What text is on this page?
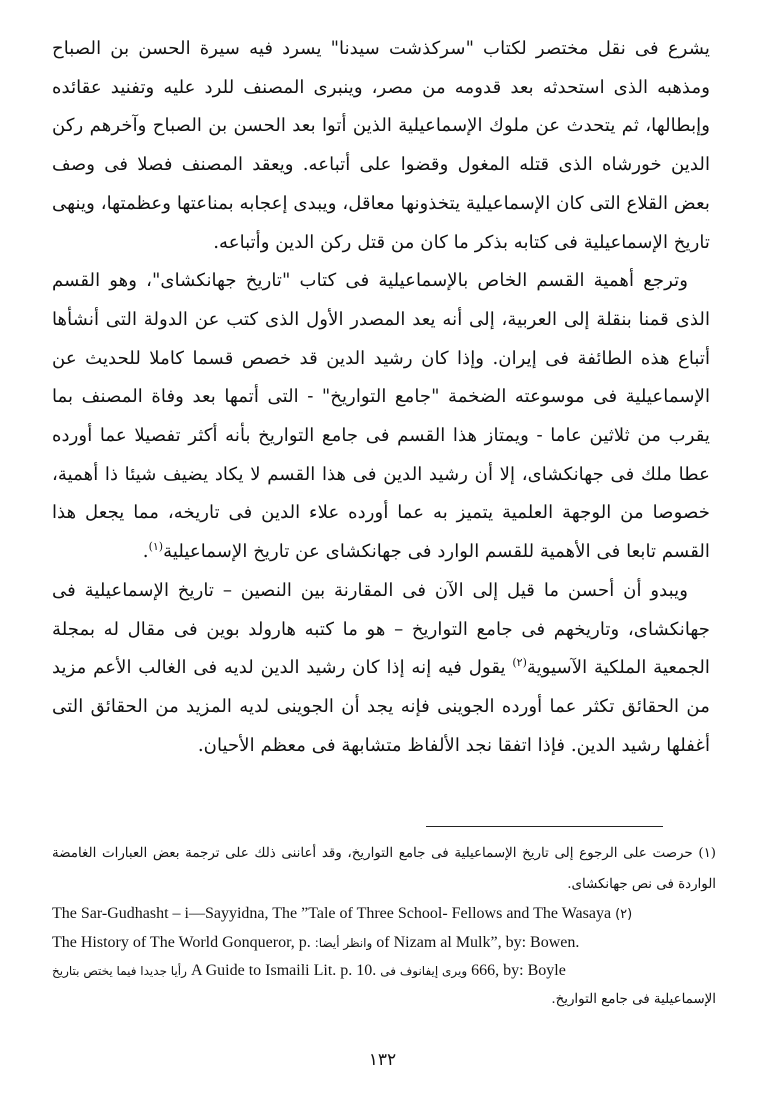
يشرع فى نقل مختصر لكتاب "سركذشت سيدنا" يسرد فيه سيرة الحسن بن الصباح ومذهبه الذى استحدثه بعد قدومه من مصر، وينبرى المصنف للرد عليه وتفنيد عقائده وإبطالها، ثم يتحدث عن ملوك الإسماعيلية الذين أتوا بعد الحسن بن الصباح وآخرهم ركن الدين خورشاه الذى قتله المغول وقضوا على أتباعه. ويعقد المصنف فصلا فى وصف بعض القلاع التى كان الإسماعيلية يتخذونها معاقل، ويبدى إعجابه بمناعتها وعظمتها، وينهى تاريخ الإسماعيلية فى كتابه بذكر ما كان من قتل ركن الدين وأتباعه.

وترجع أهمية القسم الخاص بالإسماعيلية فى كتاب "تاريخ جهانكشاى"، وهو القسم الذى قمنا بنقلة إلى العربية، إلى أنه يعد المصدر الأول الذى كتب عن الدولة التى أنشأها أتباع هذه الطائفة فى إيران. وإذا كان رشيد الدين قد خصص قسما كاملا للحديث عن الإسماعيلية فى موسوعته الضخمة "جامع التواريخ" - التى أتمها بعد وفاة المصنف بما يقرب من ثلاثين عاما - ويمتاز هذا القسم فى جامع التواريخ بأنه أكثر تفصيلا عما أورده عطا ملك فى جهانكشاى، إلا أن رشيد الدين فى هذا القسم لا يكاد يضيف شيئا ذا أهمية، خصوصا من الوجهة العلمية يتميز به عما أورده علاء الدين فى تاريخه، مما يجعل هذا القسم تابعا فى الأهمية للقسم الوارد فى جهانكشاى عن تاريخ الإسماعيلية$^{(١)}$.

ويبدو أن أحسن ما قيل إلى الآن فى المقارنة بين النصين – تاريخ الإسماعيلية فى جهانكشاى، وتاريخهم فى جامع التواريخ – هو ما كتبه هارولد بوين فى مقال له بمجلة الجمعية الملكية الآسيوية$^{(٢)}$ يقول فيه إنه إذا كان رشيد الدين لديه فى الغالب الأعم مزيد من الحقائق تكثر عما أورده الجوينى فإنه يجد أن الجوينى لديه المزيد من الحقائق التى أغفلها رشيد الدين. فإذا اتفقا نجد الألفاظ متشابهة فى معظم الأحيان.

(١) حرصت على الرجوع إلى تاريخ الإسماعيلية فى جامع التواريخ، وقد أعاننى ذلك على ترجمة بعض العبارات الغامضة الواردة فى نص جهانكشاى.

The Sar-Gudhasht – i—Sayyidna, The ”Tale of Three School- Fellows and The Wasaya (٢)

The History of The World Gonqueror, p. وانظر أيضا: of Nizam al Mulk”, by: Bowen.

رأيا جديدا فيما يختص بتاريخ A Guide to Ismaili Lit. p. 10. ويرى إيفانوف فى 666, by: Boyle

الإسماعيلية فى جامع التواريخ.

١٣٢
